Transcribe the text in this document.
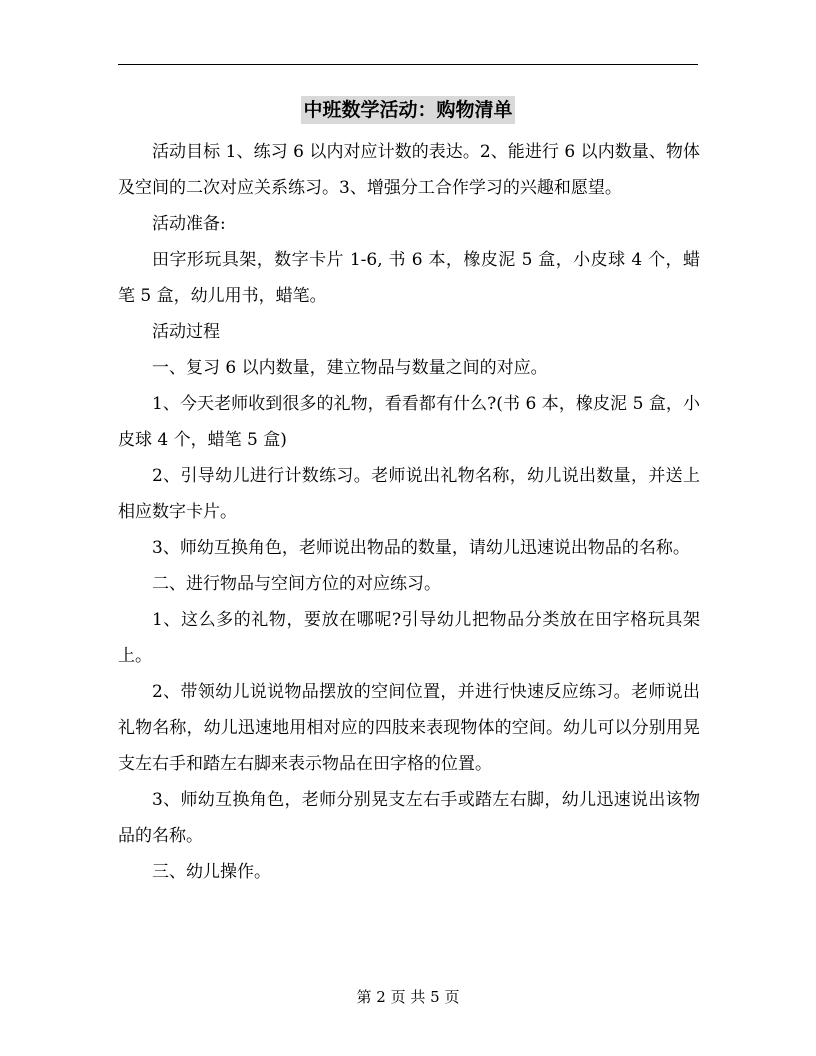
中班数学活动：购物清单

活动目标 1、练习 6 以内对应计数的表达。2、能进行 6 以内数量、物体及空间的二次对应关系练习。3、增强分工合作学习的兴趣和愿望。

活动准备:

田字形玩具架，数字卡片 1-6, 书 6 本，橡皮泥 5 盒，小皮球 4 个，蜡笔 5 盒，幼儿用书，蜡笔。

活动过程

一、复习 6 以内数量，建立物品与数量之间的对应。

1、今天老师收到很多的礼物，看看都有什么?(书 6 本，橡皮泥 5 盒，小皮球 4 个，蜡笔 5 盒)

2、引导幼儿进行计数练习。老师说出礼物名称，幼儿说出数量，并送上相应数字卡片。

3、师幼互换角色，老师说出物品的数量，请幼儿迅速说出物品的名称。

二、进行物品与空间方位的对应练习。

1、这么多的礼物，要放在哪呢?引导幼儿把物品分类放在田字格玩具架上。

2、带领幼儿说说物品摆放的空间位置，并进行快速反应练习。老师说出礼物名称，幼儿迅速地用相对应的四肢来表现物体的空间。幼儿可以分别用晃支左右手和踏左右脚来表示物品在田字格的位置。

3、师幼互换角色，老师分别晃支左右手或踏左右脚，幼儿迅速说出该物品的名称。

三、幼儿操作。

第 2 页 共 5 页
